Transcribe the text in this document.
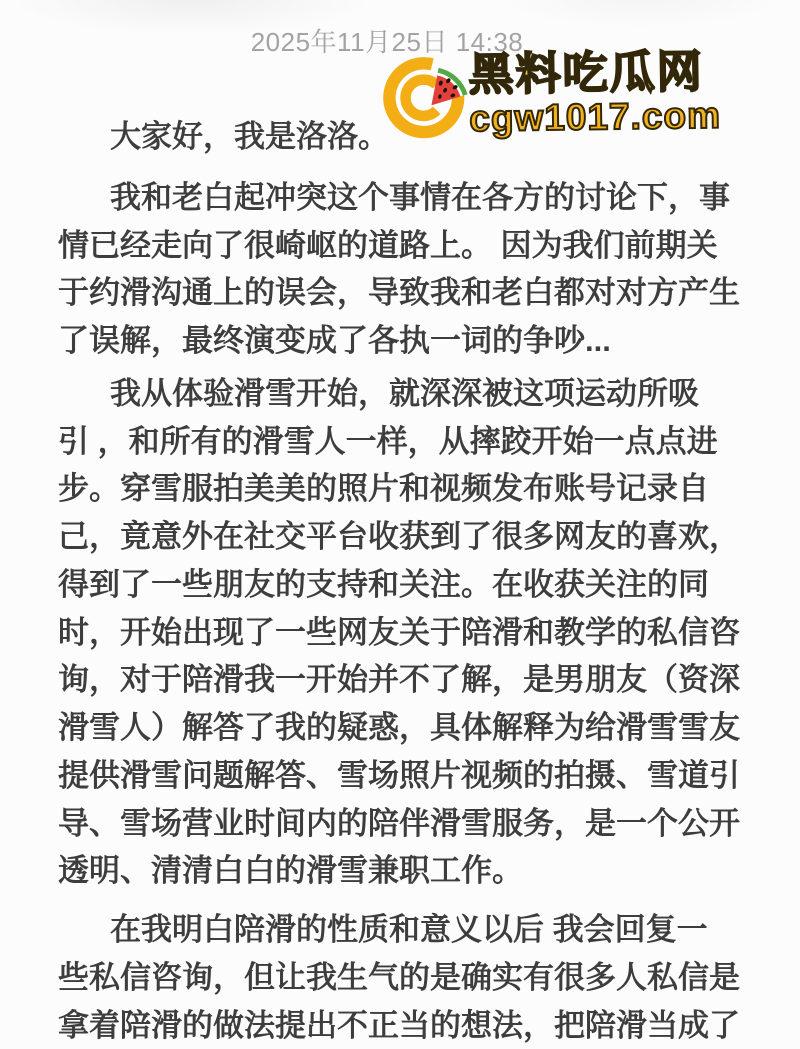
2025年11月25日 14:38
黑料吃瓜网
cgw1017.com

大家好，我是洛洛。

我和老白起冲突这个事情在各方的讨论下，事
情已经走向了很崎岖的道路上。 因为我们前期关
于约滑沟通上的误会，导致我和老白都对对方产生
了误解，最终演变成了各执一词的争吵...

我从体验滑雪开始，就深深被这项运动所吸
引 ，和所有的滑雪人一样，从摔跤开始一点点进
步。穿雪服拍美美的照片和视频发布账号记录自
己，竟意外在社交平台收获到了很多网友的喜欢，
得到了一些朋友的支持和关注。在收获关注的同
时，开始出现了一些网友关于陪滑和教学的私信咨
询，对于陪滑我一开始并不了解，是男朋友（资深
滑雪人）解答了我的疑惑，具体解释为给滑雪雪友
提供滑雪问题解答、雪场照片视频的拍摄、雪道引
导、雪场营业时间内的陪伴滑雪服务，是一个公开
透明、清清白白的滑雪兼职工作。

在我明白陪滑的性质和意义以后 我会回复一
些私信咨询，但让我生气的是确实有很多人私信是
拿着陪滑的做法提出不正当的想法，把陪滑当成了
